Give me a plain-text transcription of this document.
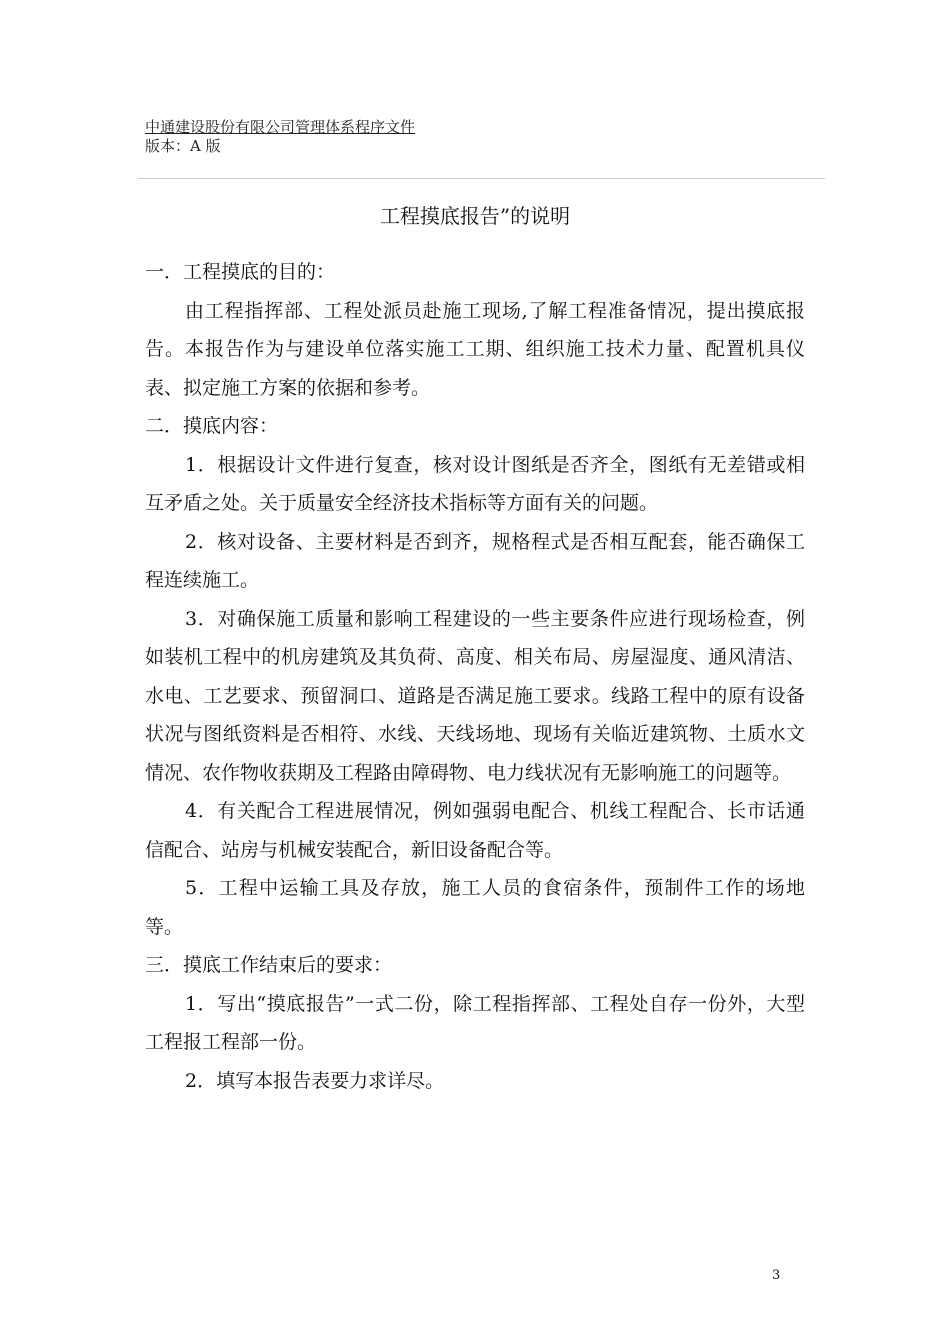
中通建设股份有限公司管理体系程序文件
版本：A 版
工程摸底报告”的说明

一．工程摸底的目的：

由工程指挥部、工程处派员赴施工现场,了解工程准备情况，提出摸底报告。本报告作为与建设单位落实施工工期、组织施工技术力量、配置机具仪表、拟定施工方案的依据和参考。

二．摸底内容：

1．根据设计文件进行复查，核对设计图纸是否齐全，图纸有无差错或相互矛盾之处。关于质量安全经济技术指标等方面有关的问题。

2．核对设备、主要材料是否到齐，规格程式是否相互配套，能否确保工程连续施工。

3．对确保施工质量和影响工程建设的一些主要条件应进行现场检查，例如装机工程中的机房建筑及其负荷、高度、相关布局、房屋湿度、通风清洁、水电、工艺要求、预留洞口、道路是否满足施工要求。线路工程中的原有设备状况与图纸资料是否相符、水线、天线场地、现场有关临近建筑物、土质水文情况、农作物收获期及工程路由障碍物、电力线状况有无影响施工的问题等。

4．有关配合工程进展情况，例如强弱电配合、机线工程配合、长市话通信配合、站房与机械安装配合，新旧设备配合等。

5．工程中运输工具及存放，施工人员的食宿条件，预制件工作的场地等。

三．摸底工作结束后的要求：

1．写出“摸底报告”一式二份，除工程指挥部、工程处自存一份外，大型工程报工程部一份。

2．填写本报告表要力求详尽。

3
